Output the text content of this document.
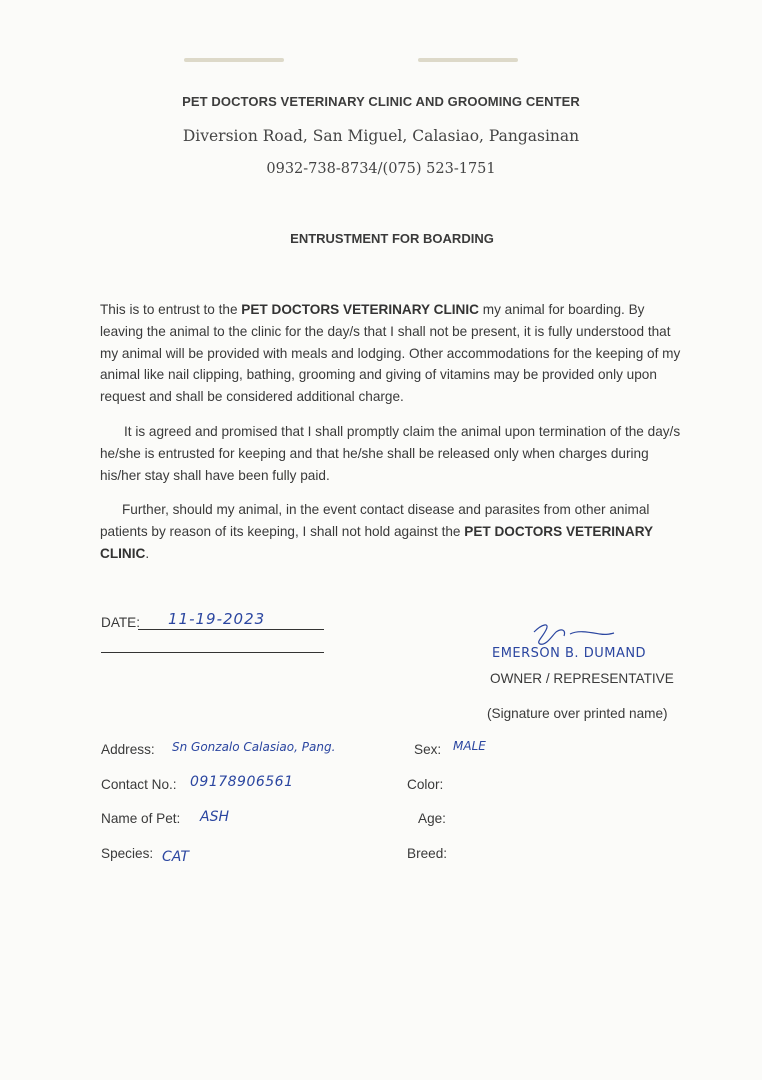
PET DOCTORS VETERINARY CLINIC AND GROOMING CENTER
Diversion Road, San Miguel, Calasiao, Pangasinan
0932-738-8734/(075) 523-1751
ENTRUSTMENT FOR BOARDING
This is to entrust to the PET DOCTORS VETERINARY CLINIC my animal for boarding. By leaving the animal to the clinic for the day/s that I shall not be present, it is fully understood that my animal will be provided with meals and lodging. Other accommodations for the keeping of my animal like nail clipping, bathing, grooming and giving of vitamins may be provided only upon request and shall be considered additional charge.
It is agreed and promised that I shall promptly claim the animal upon termination of the day/s he/she is entrusted for keeping and that he/she shall be released only when charges during his/her stay shall have been fully paid.
Further, should my animal, in the event contact disease and parasites from other animal patients by reason of its keeping, I shall not hold against the PET DOCTORS VETERINARY CLINIC.
DATE: 11-19-2023
EMERSON B. DUMAND
OWNER / REPRESENTATIVE
(Signature over printed name)
Address: Sn Gonzalo Calasiao, Pang.
Contact No.: 09178906561
Name of Pet: ASH
Species: CAT
Sex: MALE
Color:
Age:
Breed:
